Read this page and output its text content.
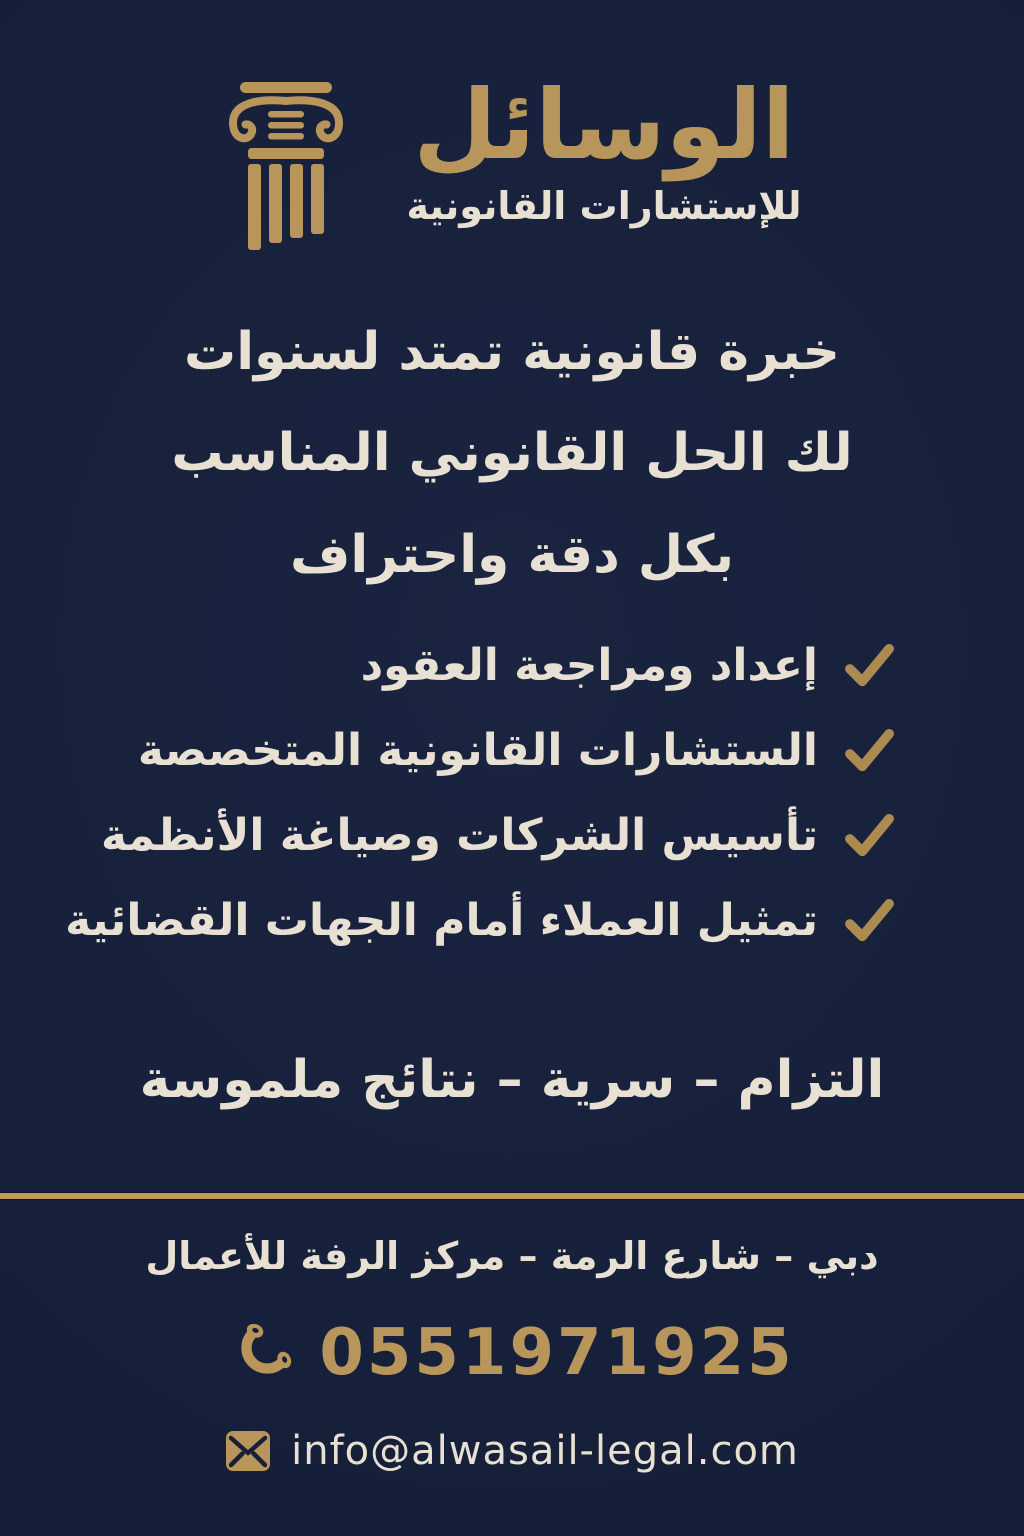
الوسائل
للإستشارات القانونية
خبرة قانونية تمتد لسنوات
لك الحل القانوني المناسب
بكل دقة واحتراف
إعداد ومراجعة العقود
الستشارات القانونية المتخصصة
تأسيس الشركات وصياغة الأنظمة
تمثيل العملاء أمام الجهات القضائية
التزام – سرية – نتائج ملموسة
دبي – شارع الرمة – مركز الرفة للأعمال
0551971925
info@alwasail-legal.com
